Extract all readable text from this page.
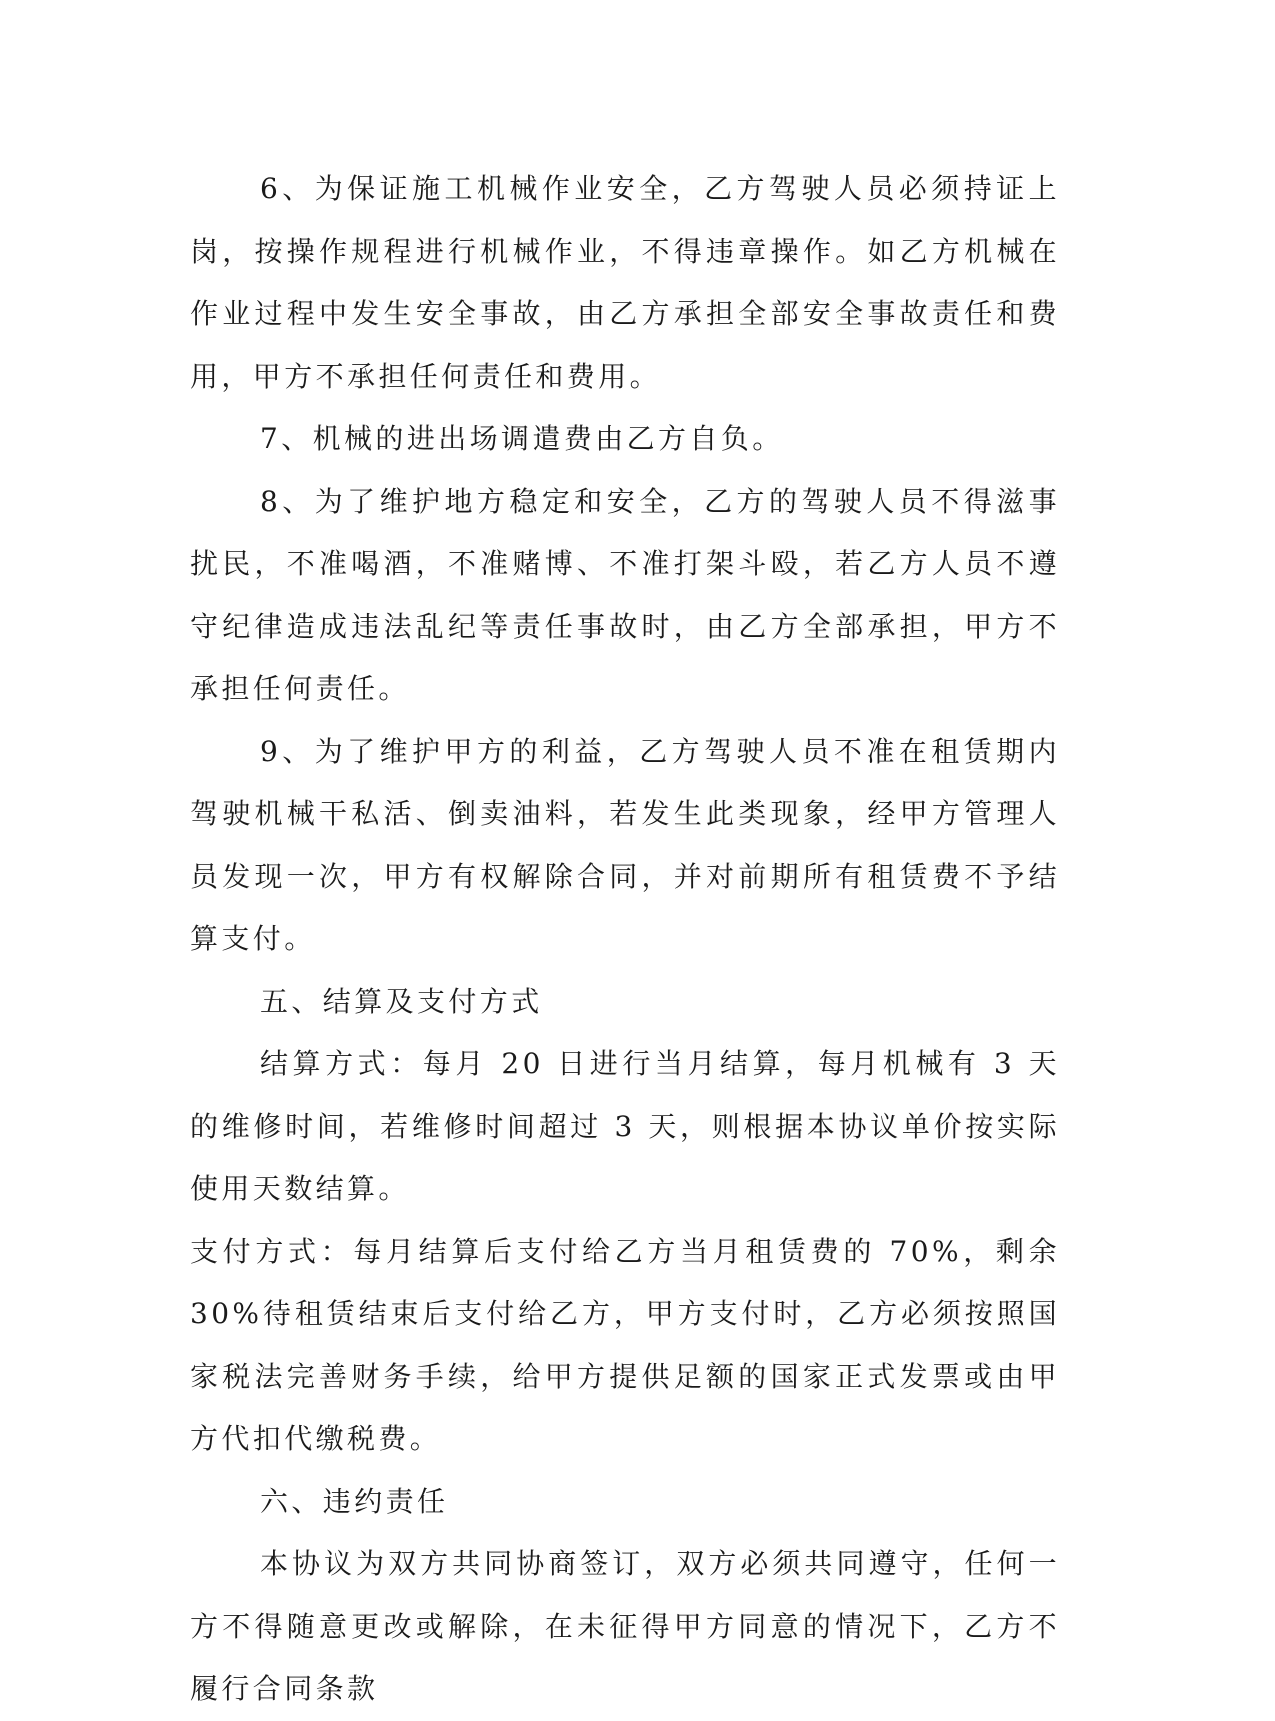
6、为保证施工机械作业安全，乙方驾驶人员必须持证上岗，按操作规程进行机械作业，不得违章操作。如乙方机械在作业过程中发生安全事故，由乙方承担全部安全事故责任和费用，甲方不承担任何责任和费用。

7、机械的进出场调遣费由乙方自负。

8、为了维护地方稳定和安全，乙方的驾驶人员不得滋事扰民，不准喝酒，不准赌博、不准打架斗殴，若乙方人员不遵守纪律造成违法乱纪等责任事故时，由乙方全部承担，甲方不承担任何责任。

9、为了维护甲方的利益，乙方驾驶人员不准在租赁期内驾驶机械干私活、倒卖油料，若发生此类现象，经甲方管理人员发现一次，甲方有权解除合同，并对前期所有租赁费不予结算支付。

五、结算及支付方式

结算方式：每月 20 日进行当月结算，每月机械有 3 天的维修时间，若维修时间超过 3 天，则根据本协议单价按实际使用天数结算。

支付方式：每月结算后支付给乙方当月租赁费的 70%，剩余 30%待租赁结束后支付给乙方，甲方支付时，乙方必须按照国家税法完善财务手续，给甲方提供足额的国家正式发票或由甲方代扣代缴税费。

六、违约责任

本协议为双方共同协商签订，双方必须共同遵守，任何一方不得随意更改或解除，在未征得甲方同意的情况下，乙方不履行合同条款
